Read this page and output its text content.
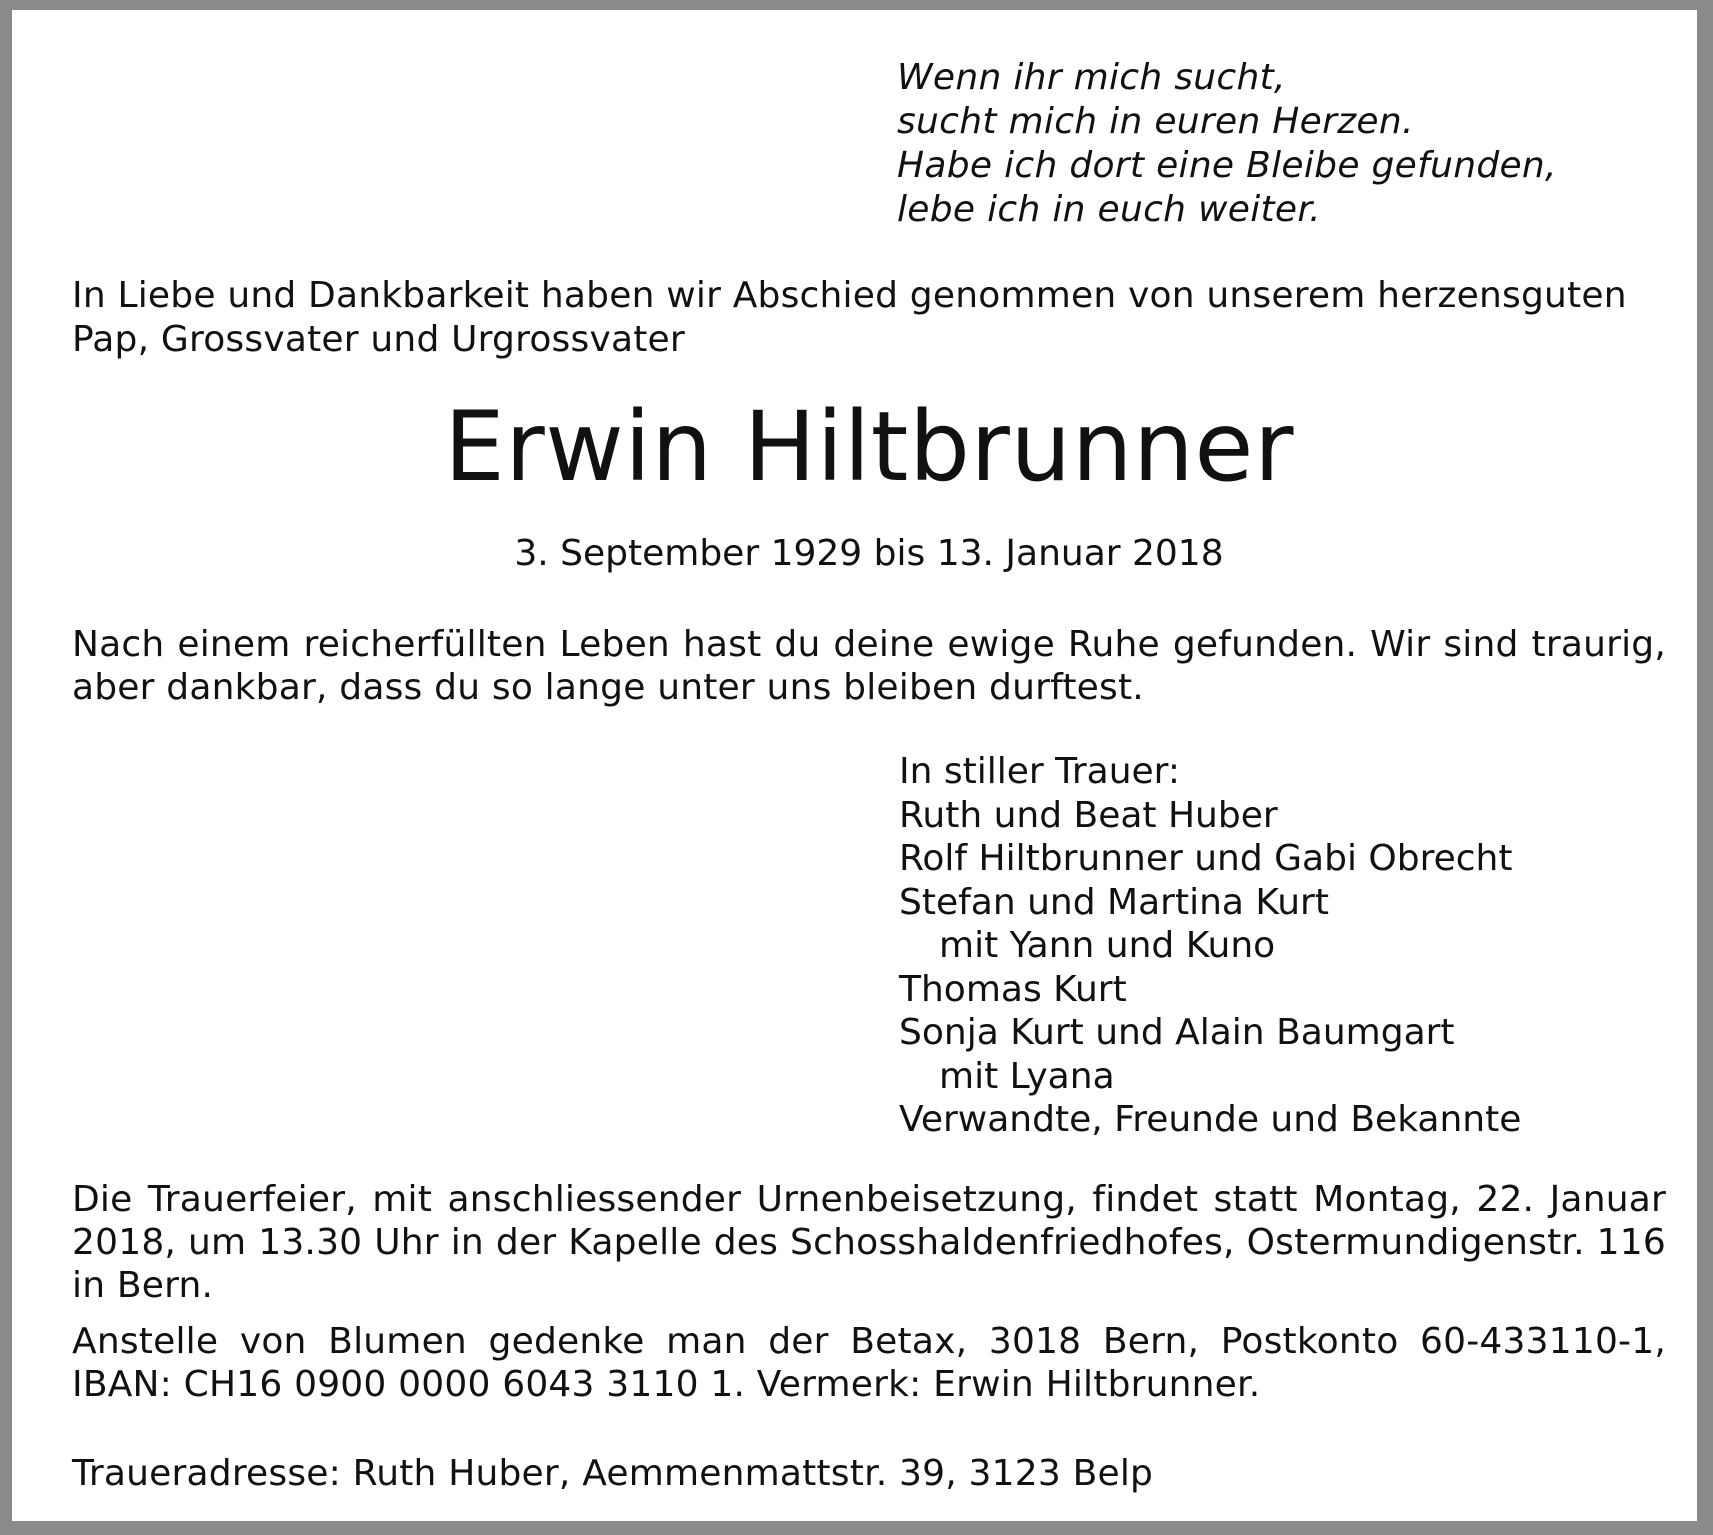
Wenn ihr mich sucht,
sucht mich in euren Herzen.
Habe ich dort eine Bleibe gefunden,
lebe ich in euch weiter.
In Liebe und Dankbarkeit haben wir Abschied genommen von unserem herzensguten
Pap, Grossvater und Urgrossvater
Erwin Hiltbrunner
3. September 1929 bis 13. Januar 2018
Nach einem reicherfüllten Leben hast du deine ewige Ruhe gefunden. Wir sind traurig, aber dankbar, dass du so lange unter uns bleiben durftest.
In stiller Trauer:
Ruth und Beat Huber
Rolf Hiltbrunner und Gabi Obrecht
Stefan und Martina Kurt
mit Yann und Kuno
Thomas Kurt
Sonja Kurt und Alain Baumgart
mit Lyana
Verwandte, Freunde und Bekannte
Die Trauerfeier, mit anschliessender Urnenbeisetzung, findet statt Montag, 22. Januar 2018, um 13.30 Uhr in der Kapelle des Schosshaldenfriedhofes, Ostermundigenstr. 116 in Bern.
Anstelle von Blumen gedenke man der Betax, 3018 Bern, Postkonto 60-433110-1, IBAN: CH16 0900 0000 6043 3110 1. Vermerk: Erwin Hiltbrunner.
Traueradresse: Ruth Huber, Aemmenmattstr. 39, 3123 Belp
